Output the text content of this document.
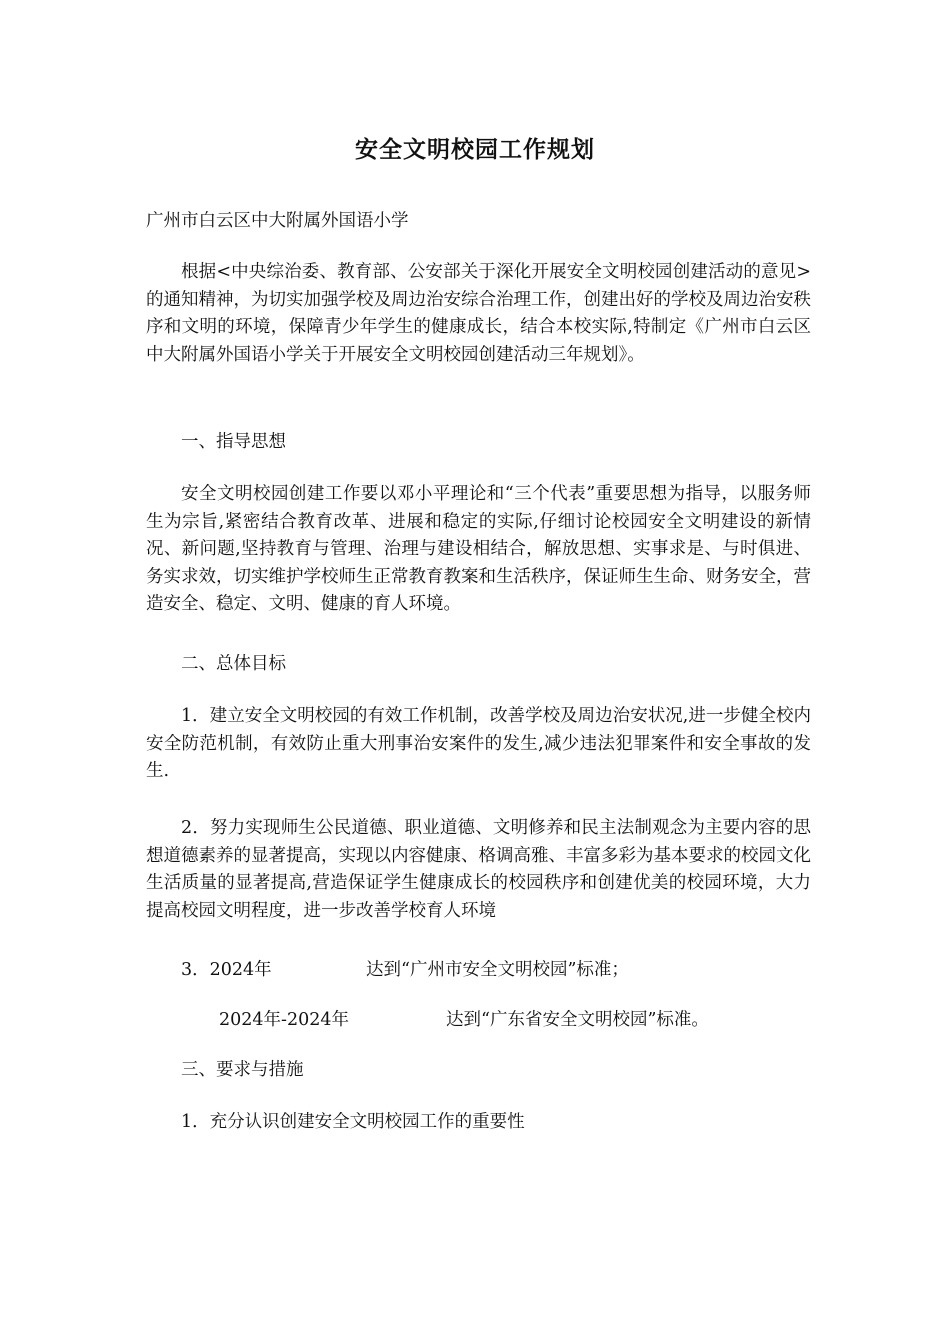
安全文明校园工作规划
广州市白云区中大附属外国语小学
根据<中央综治委、教育部、公安部关于深化开展安全文明校园创建活动的意见>的通知精神，为切实加强学校及周边治安综合治理工作，创建出好的学校及周边治安秩序和文明的环境，保障青少年学生的健康成长，结合本校实际,特制定《广州市白云区中大附属外国语小学关于开展安全文明校园创建活动三年规划》。
一、指导思想
安全文明校园创建工作要以邓小平理论和“三个代表”重要思想为指导，以服务师生为宗旨,紧密结合教育改革、进展和稳定的实际,仔细讨论校园安全文明建设的新情况、新问题,坚持教育与管理、治理与建设相结合，解放思想、实事求是、与时俱进、务实求效，切实维护学校师生正常教育教案和生活秩序，保证师生生命、财务安全，营造安全、稳定、文明、健康的育人环境。
二、总体目标
1．建立安全文明校园的有效工作机制，改善学校及周边治安状况,进一步健全校内安全防范机制，有效防止重大刑事治安案件的发生,减少违法犯罪案件和安全事故的发生.
2．努力实现师生公民道德、职业道德、文明修养和民主法制观念为主要内容的思想道德素养的显著提高，实现以内容健康、格调高雅、丰富多彩为基本要求的校园文化生活质量的显著提高,营造保证学生健康成长的校园秩序和创建优美的校园环境，大力提高校园文明程度，进一步改善学校育人环境
3．2024年	达到“广州市安全文明校园”标准；
2024年-2024年	达到“广东省安全文明校园”标准。
三、要求与措施
1．充分认识创建安全文明校园工作的重要性
